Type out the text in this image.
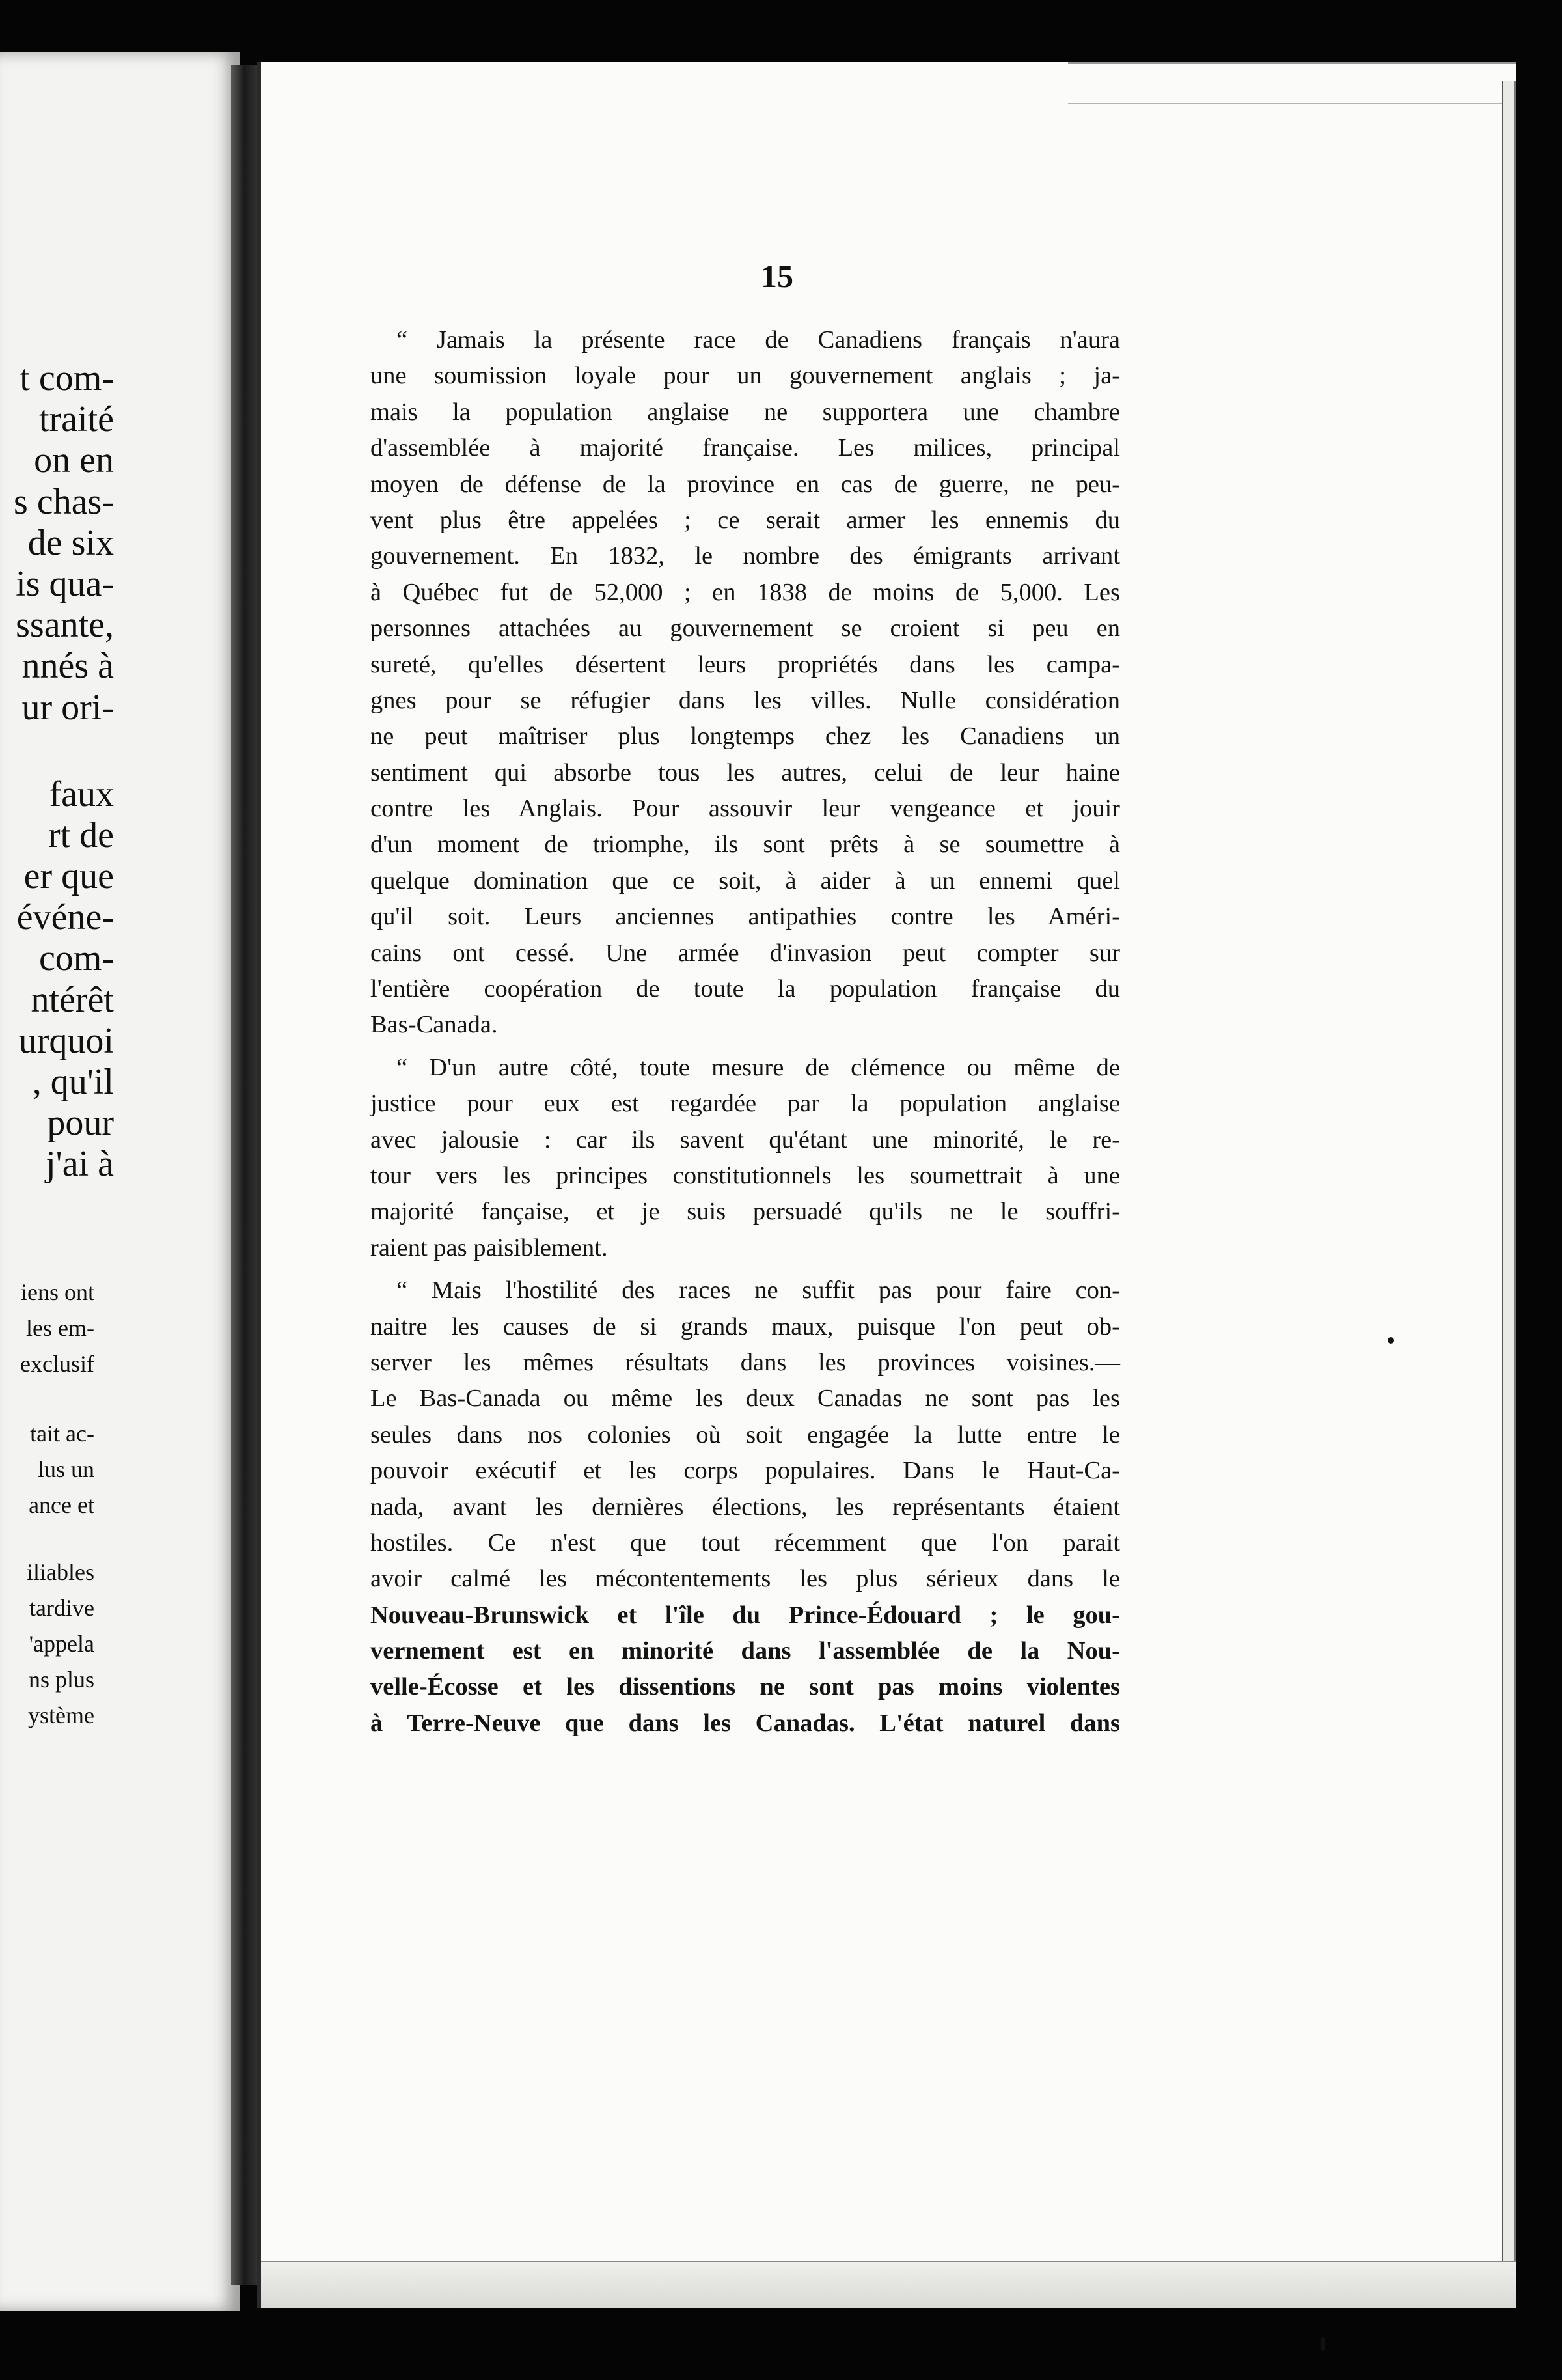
t com-
traité
on en
s chas-
de six
is qua-
ssante,
nnés à
ur ori-
faux
rt de
er que
événe-
com-
ntérêt
urquoi
, qu'il
pour
j'ai à
iens ont
les em-
exclusif
tait ac-
lus un
ance et
iliables
tardive
'appela
ns plus
ystème

15

“ Jamais la présente race de Canadiens français n'aura
une soumission loyale pour un gouvernement anglais ; ja-
mais la population anglaise ne supportera une chambre
d'assemblée à majorité française. Les milices, principal
moyen de défense de la province en cas de guerre, ne peu-
vent plus être appelées ; ce serait armer les ennemis du
gouvernement. En 1832, le nombre des émigrants arrivant
à Québec fut de 52,000 ; en 1838 de moins de 5,000. Les
personnes attachées au gouvernement se croient si peu en
sureté, qu'elles désertent leurs propriétés dans les campa-
gnes pour se réfugier dans les villes. Nulle considération
ne peut maîtriser plus longtemps chez les Canadiens un
sentiment qui absorbe tous les autres, celui de leur haine
contre les Anglais. Pour assouvir leur vengeance et jouir
d'un moment de triomphe, ils sont prêts à se soumettre à
quelque domination que ce soit, à aider à un ennemi quel
qu'il soit. Leurs anciennes antipathies contre les Améri-
cains ont cessé. Une armée d'invasion peut compter sur
l'entière coopération de toute la population française du
Bas-Canada.
“ D'un autre côté, toute mesure de clémence ou même de
justice pour eux est regardée par la population anglaise
avec jalousie : car ils savent qu'étant une minorité, le re-
tour vers les principes constitutionnels les soumettrait à une
majorité fançaise, et je suis persuadé qu'ils ne le souffri-
raient pas paisiblement.
“ Mais l'hostilité des races ne suffit pas pour faire con-
naitre les causes de si grands maux, puisque l'on peut ob-
server les mêmes résultats dans les provinces voisines.—
Le Bas-Canada ou même les deux Canadas ne sont pas les
seules dans nos colonies où soit engagée la lutte entre le
pouvoir exécutif et les corps populaires. Dans le Haut-Ca-
nada, avant les dernières élections, les représentants étaient
hostiles. Ce n'est que tout récemment que l'on parait
avoir calmé les mécontentements les plus sérieux dans le
Nouveau-Brunswick et l'île du Prince-Édouard ; le gou-
vernement est en minorité dans l'assemblée de la Nou-
velle-Écosse et les dissentions ne sont pas moins violentes
à Terre-Neuve que dans les Canadas. L'état naturel dans
